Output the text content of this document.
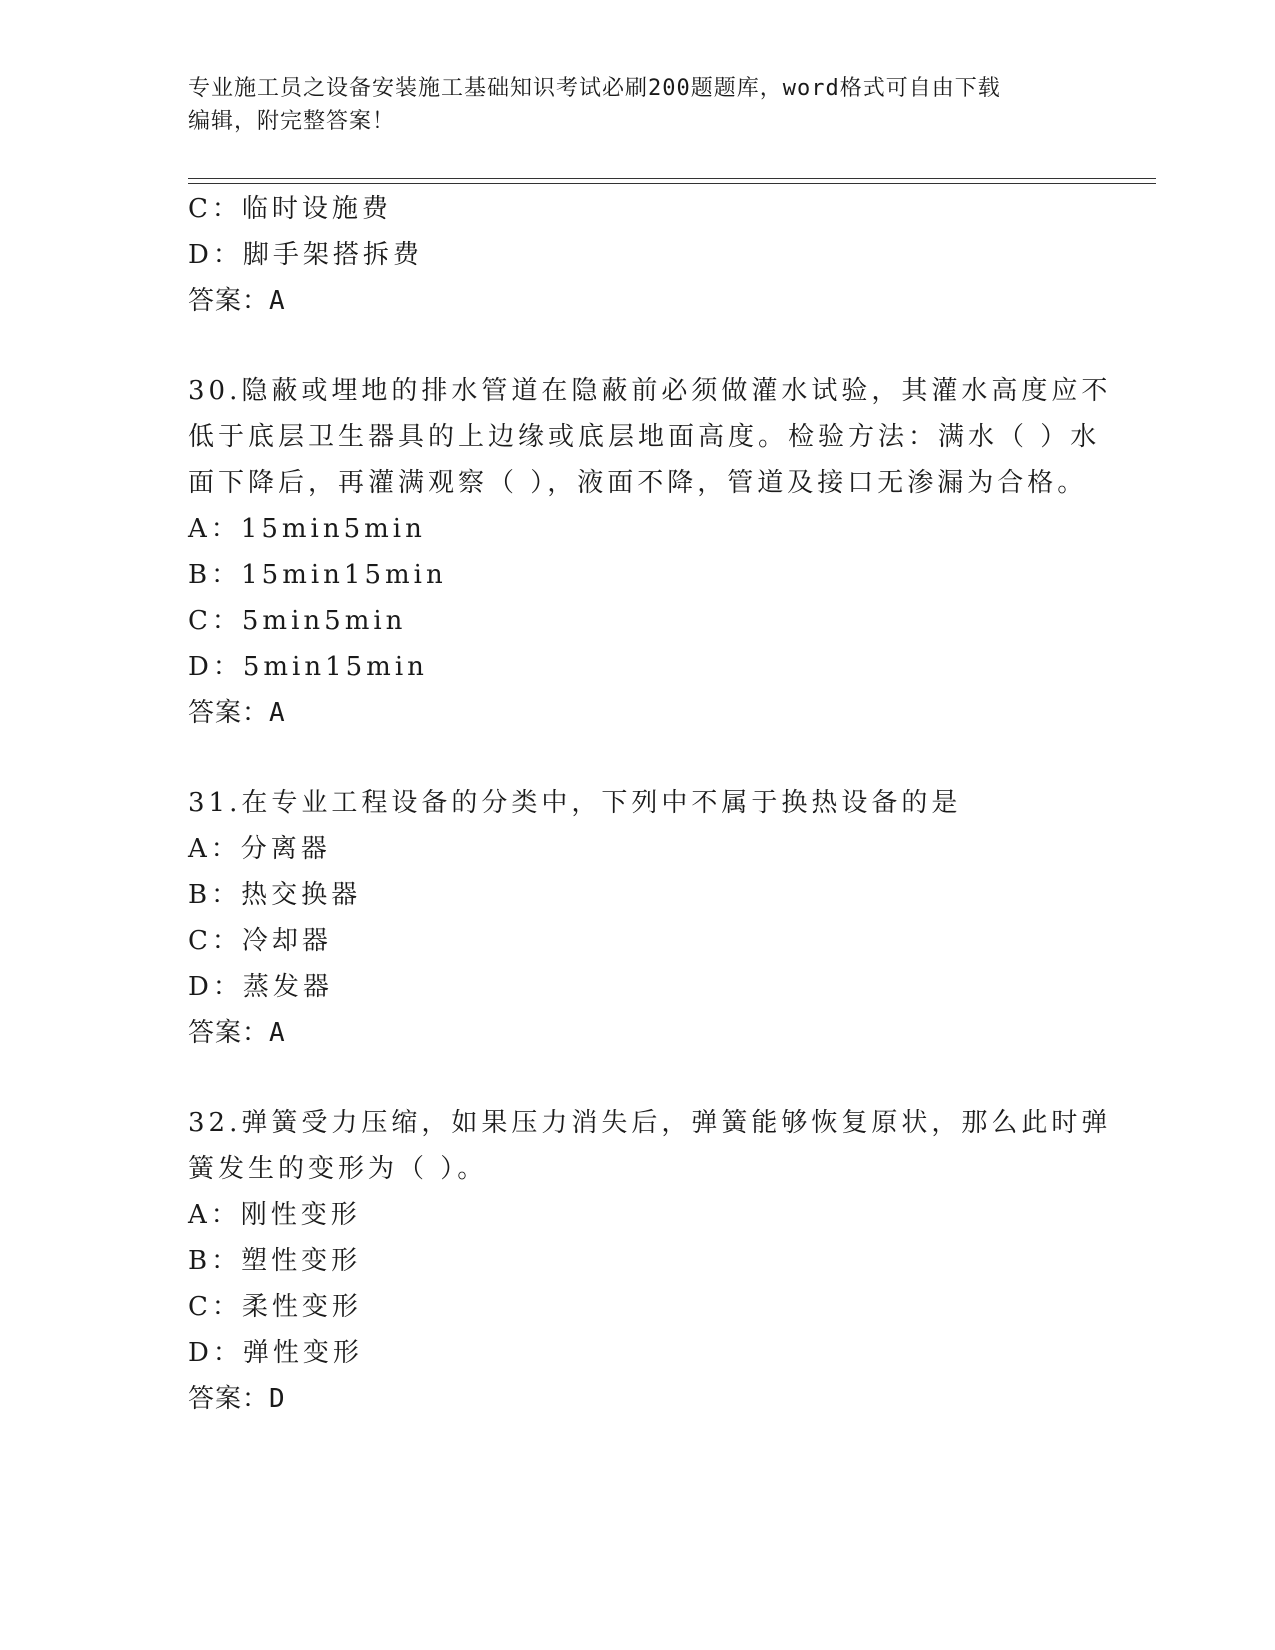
专业施工员之设备安装施工基础知识考试必刷200题题库，word格式可自由下载
编辑，附完整答案！
C：临时设施费
D：脚手架搭拆费
答案：A
30.隐蔽或埋地的排水管道在隐蔽前必须做灌水试验，其灌水高度应不
低于底层卫生器具的上边缘或底层地面高度。检验方法：满水（ ）水
面下降后，再灌满观察（ ），液面不降，管道及接口无渗漏为合格。
A：15min5min
B：15min15min
C：5min5min
D：5min15min
答案：A
31.在专业工程设备的分类中，下列中不属于换热设备的是
A：分离器
B：热交换器
C：冷却器
D：蒸发器
答案：A
32.弹簧受力压缩，如果压力消失后，弹簧能够恢复原状，那么此时弹
簧发生的变形为（ ）。
A：刚性变形
B：塑性变形
C：柔性变形
D：弹性变形
答案：D
